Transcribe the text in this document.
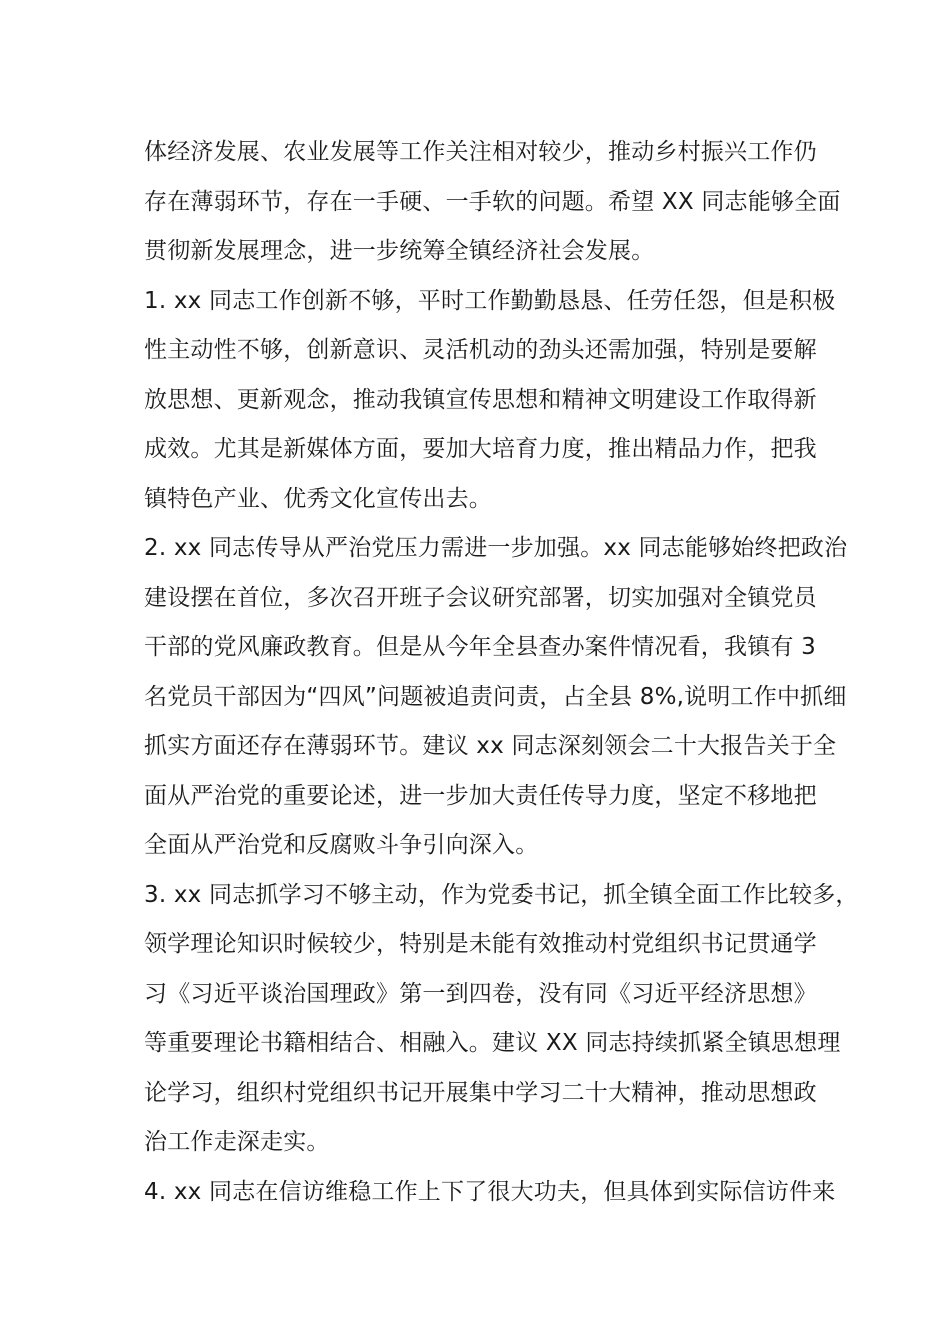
体经济发展、农业发展等工作关注相对较少，推动乡村振兴工作仍
存在薄弱环节，存在一手硬、一手软的问题。希望 XX 同志能够全面
贯彻新发展理念，进一步统筹全镇经济社会发展。
1. xx 同志工作创新不够，平时工作勤勤恳恳、任劳任怨，但是积极
性主动性不够，创新意识、灵活机动的劲头还需加强，特别是要解
放思想、更新观念，推动我镇宣传思想和精神文明建设工作取得新
成效。尤其是新媒体方面，要加大培育力度，推出精品力作，把我
镇特色产业、优秀文化宣传出去。
2. xx 同志传导从严治党压力需进一步加强。xx 同志能够始终把政治
建设摆在首位，多次召开班子会议研究部署，切实加强对全镇党员
干部的党风廉政教育。但是从今年全县查办案件情况看，我镇有 3
名党员干部因为“四风”问题被追责问责，占全县 8%,说明工作中抓细
抓实方面还存在薄弱环节。建议 xx 同志深刻领会二十大报告关于全
面从严治党的重要论述，进一步加大责任传导力度，坚定不移地把
全面从严治党和反腐败斗争引向深入。
3. xx 同志抓学习不够主动，作为党委书记，抓全镇全面工作比较多，
领学理论知识时候较少，特别是未能有效推动村党组织书记贯通学
习《习近平谈治国理政》第一到四卷，没有同《习近平经济思想》
等重要理论书籍相结合、相融入。建议 XX 同志持续抓紧全镇思想理
论学习，组织村党组织书记开展集中学习二十大精神，推动思想政
治工作走深走实。
4. xx 同志在信访维稳工作上下了很大功夫，但具体到实际信访件来
